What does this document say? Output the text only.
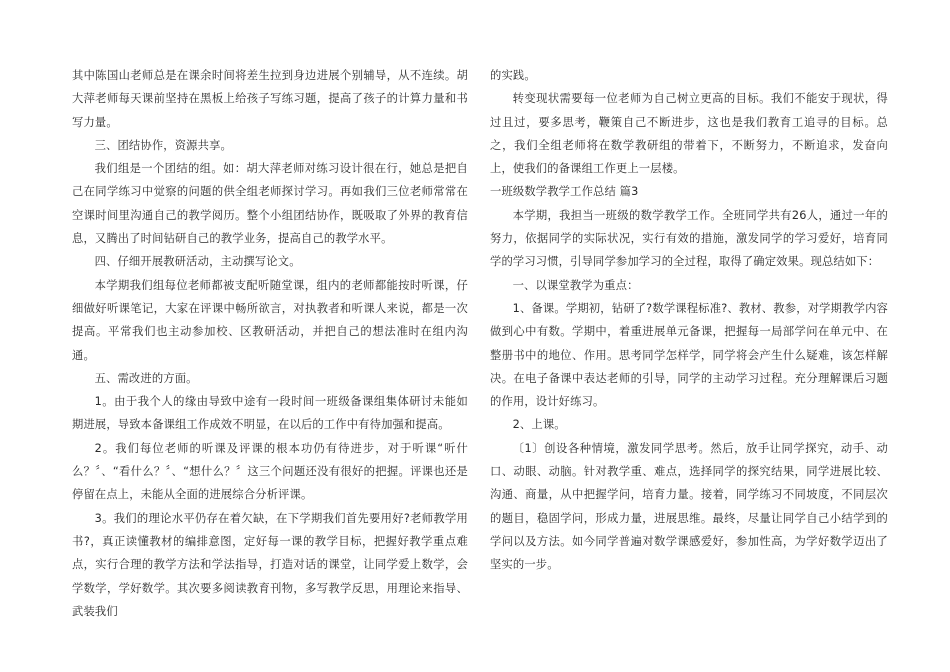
其中陈国山老师总是在课余时间将差生拉到身边进展个别辅导，从不连续。胡大萍老师每天课前坚持在黑板上给孩子写练习题，提高了孩子的计算力量和书写力量。

三、团结协作，资源共享。

我们组是一个团结的组。如：胡大萍老师对练习设计很在行，她总是把自己在同学练习中觉察的问题的供全组老师探讨学习。再如我们三位老师常常在空课时间里沟通自己的教学阅历。整个小组团结协作，既吸取了外界的教育信息，又腾出了时间钻研自己的教学业务，提高自己的教学水平。

四、仔细开展教研活动，主动撰写论文。

本学期我们组每位老师都被支配听随堂课，组内的老师都能按时听课，仔细做好听课笔记，大家在评课中畅所欲言，对执教者和听课人来说，都是一次提高。平常我们也主动参加校、区教研活动，并把自己的想法准时在组内沟通。

五、需改进的方面。

1。由于我个人的缘由导致中途有一段时间一班级备课组集体研讨未能如期进展，导致本备课组工作成效不明显，在以后的工作中有待加强和提高。

2。我们每位老师的听课及评课的根本功仍有待进步，对于听课“听什么？〞、“看什么？〞、“想什么？〞这三个问题还没有很好的把握。评课也还是停留在点上，未能从全面的进展综合分析评课。

3。我们的理论水平仍存在着欠缺，在下学期我们首先要用好?老师教学用书?，真正读懂教材的编排意图，定好每一课的教学目标，把握好教学重点难点，实行合理的教学方法和学法指导，打造对话的课堂，让同学爱上数学，会学数学，学好数学。其次要多阅读教育刊物，多写教学反思，用理论来指导、武装我们

的实践。

转变现状需要每一位老师为自己树立更高的目标。我们不能安于现状，得过且过，要多思考，鞭策自己不断进步，这也是我们教育工追寻的目标。总之，我们全组老师将在数学教研组的带着下，不断努力，不断追求，发奋向上，使我们的备课组工作更上一层楼。

一班级数学教学工作总结 篇3

本学期，我担当一班级的数学教学工作。全班同学共有26人，通过一年的努力，依据同学的实际状况，实行有效的措施，激发同学的学习爱好，培育同学的学习习惯，引导同学参加学习的全过程，取得了确定效果。现总结如下：

一、以课堂教学为重点：

1、备课。学期初，钻研了?数学课程标准?、教材、教参，对学期教学内容做到心中有数。学期中，着重进展单元备课，把握每一局部学问在单元中、在整册书中的地位、作用。思考同学怎样学，同学将会产生什么疑难，该怎样解决。在电子备课中表达老师的引导，同学的主动学习过程。充分理解课后习题的作用，设计好练习。

2、上课。

〔1〕创设各种情境，激发同学思考。然后，放手让同学探究，动手、动口、动眼、动脑。针对教学重、难点，选择同学的探究结果，同学进展比较、沟通、商量，从中把握学问，培育力量。接着，同学练习不同坡度，不同层次的题目，稳固学问，形成力量，进展思维。最终，尽量让同学自己小结学到的学问以及方法。如今同学普遍对数学课感爱好，参加性高，为学好数学迈出了坚实的一步。
